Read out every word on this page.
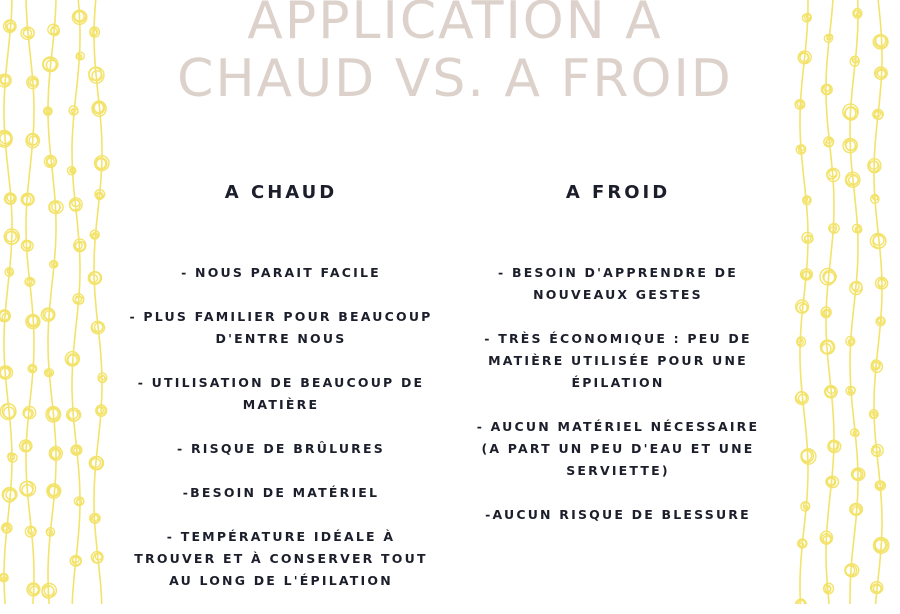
APPLICATION A
CHAUD VS. A FROID
A CHAUD
- NOUS PARAIT FACILE
- PLUS FAMILIER POUR BEAUCOUP D'ENTRE NOUS
- UTILISATION DE BEAUCOUP DE MATIÈRE
- RISQUE DE BRÛLURES
-BESOIN DE MATÉRIEL
- TEMPÉRATURE IDÉALE À TROUVER ET À CONSERVER TOUT AU LONG DE L'ÉPILATION
A FROID
- BESOIN D'APPRENDRE DE NOUVEAUX GESTES
- TRÈS ÉCONOMIQUE : PEU DE MATIÈRE UTILISÉE POUR UNE ÉPILATION
- AUCUN MATÉRIEL NÉCESSAIRE (A PART UN PEU D'EAU ET UNE SERVIETTE)
-AUCUN RISQUE DE BLESSURE
